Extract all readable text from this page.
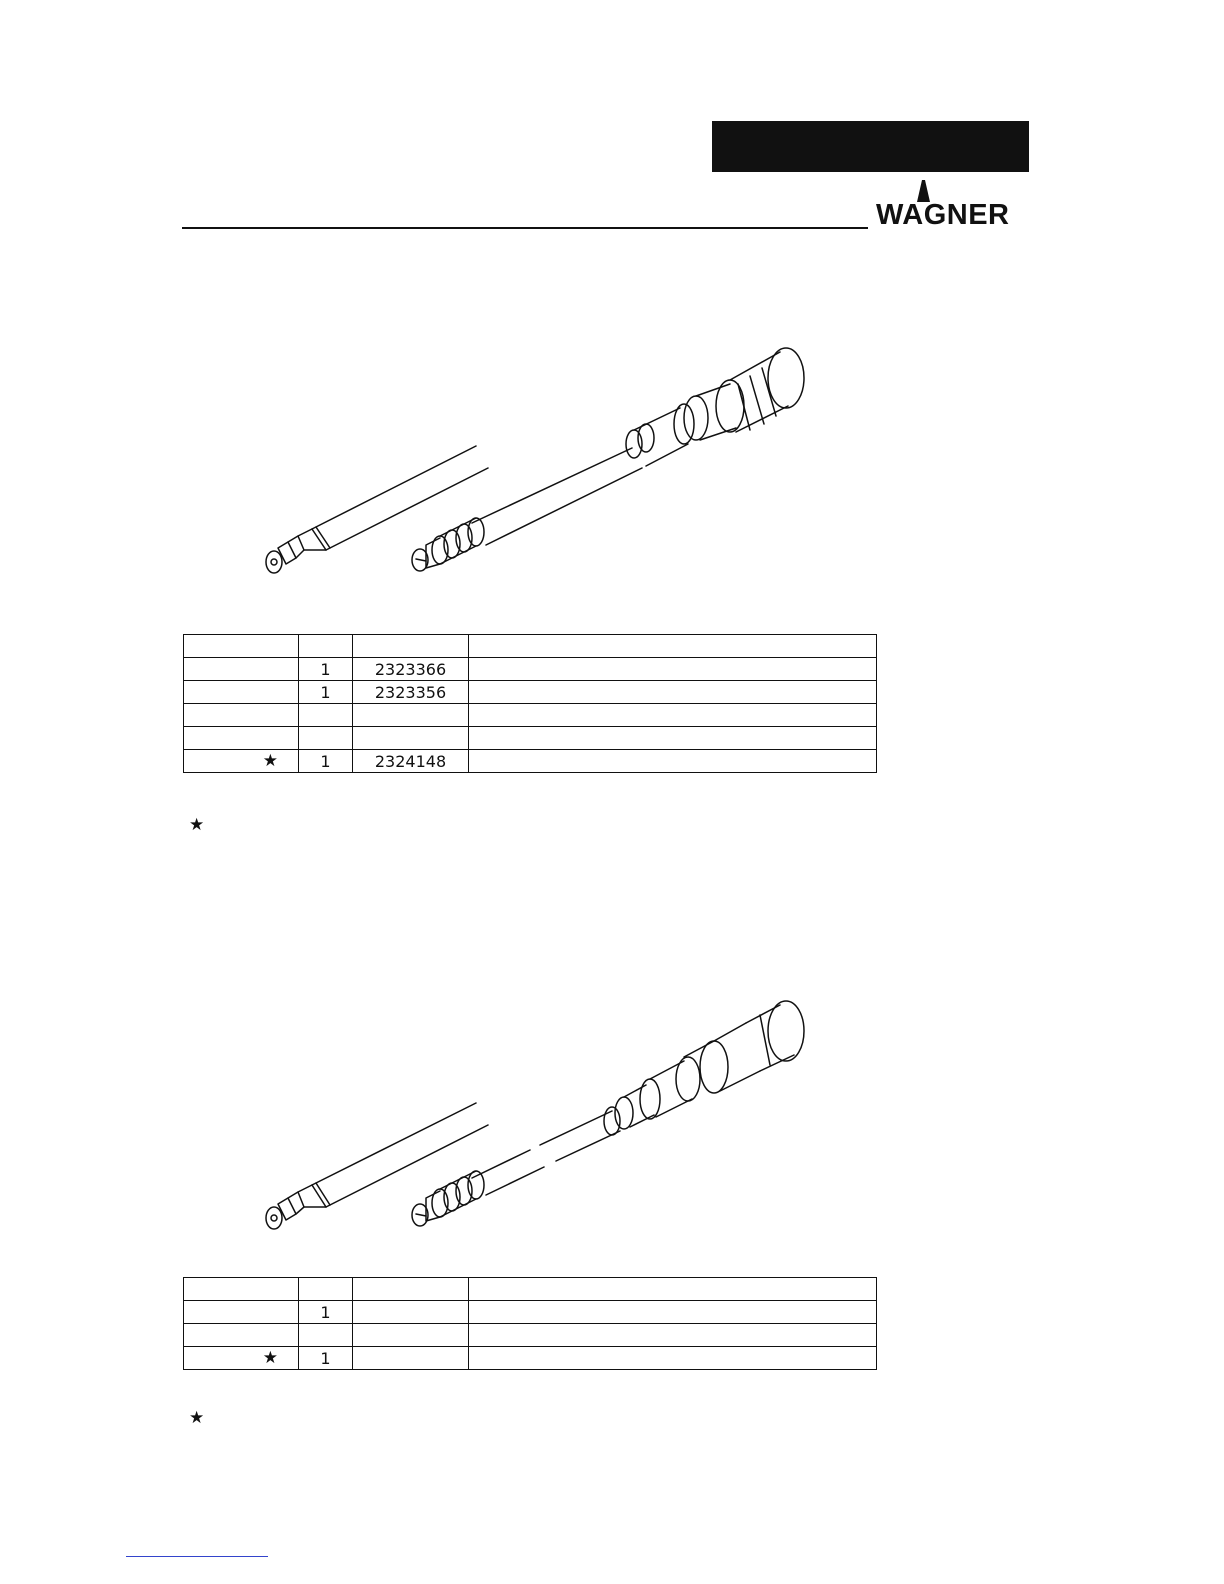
WAGNER

	1	2323366	
	1	2323356	

★	1	2324148	
★

	1		

★	1		
★
